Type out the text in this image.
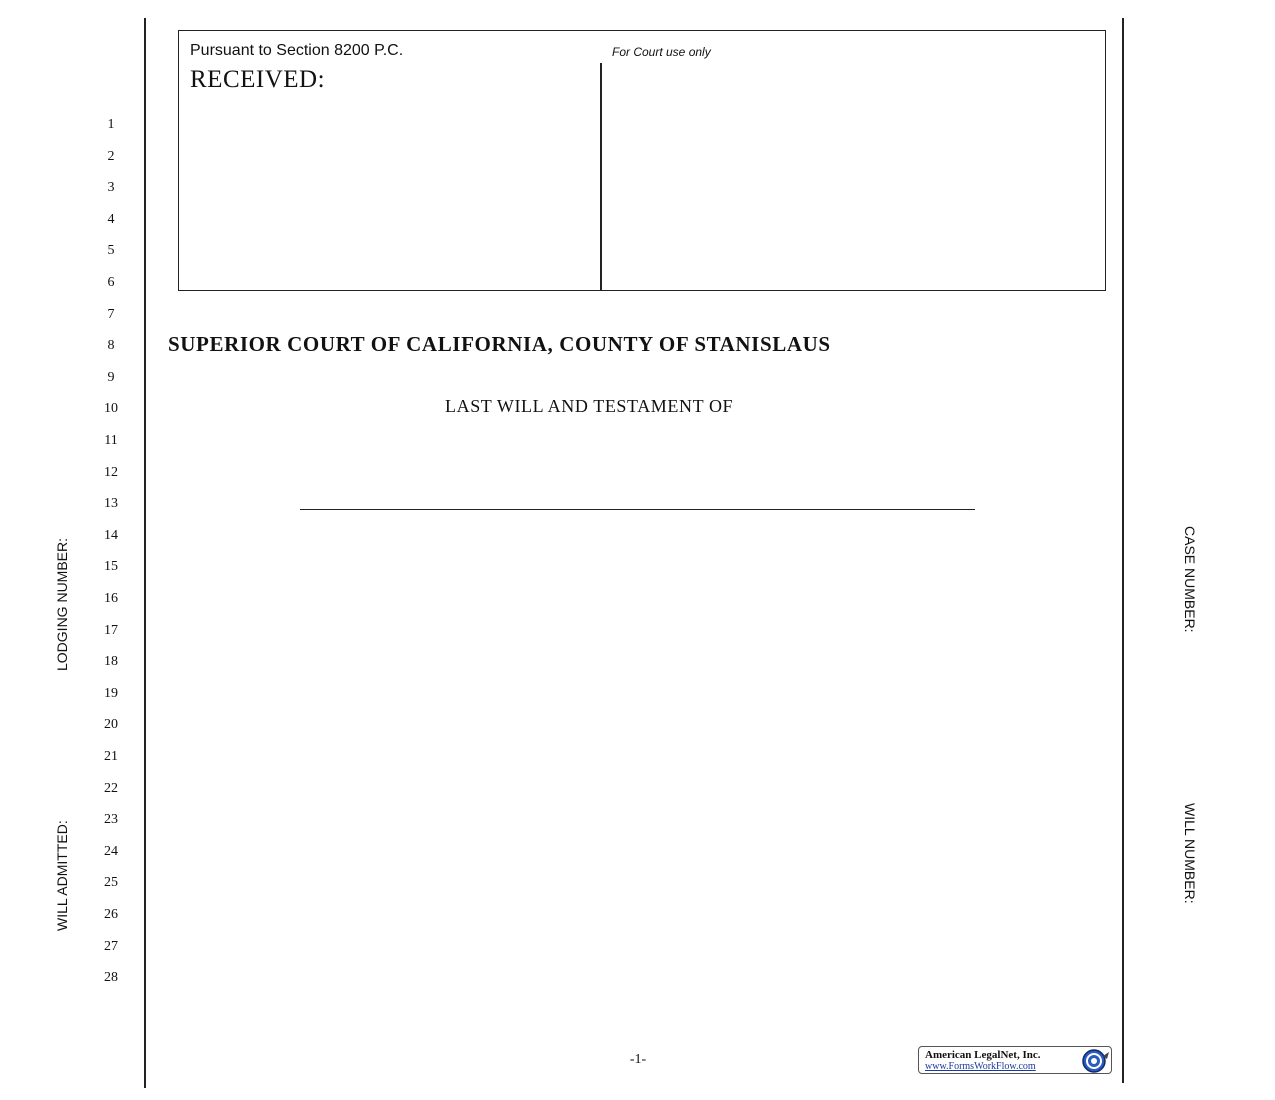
1
2
3
4
5
6
7
8
9
10
11
12
13
14
15
16
17
18
19
20
21
22
23
24
25
26
27
28
Pursuant to Section 8200 P.C.
RECEIVED:
For Court use only
SUPERIOR COURT OF CALIFORNIA, COUNTY OF STANISLAUS
LAST WILL AND TESTAMENT OF
LODGING NUMBER:
WILL ADMITTED:
CASE NUMBER:
WILL NUMBER:
-1-	American LegalNet, Inc.
www.FormsWorkFlow.com
